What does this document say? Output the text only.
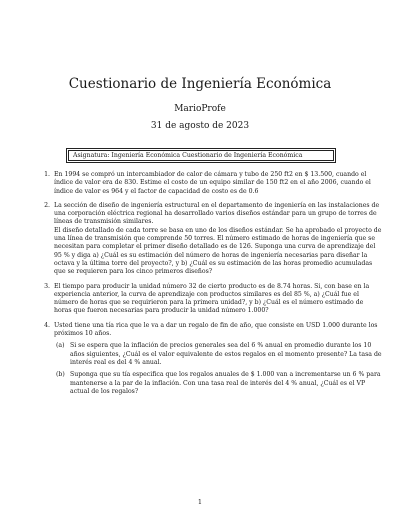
Cuestionario de Ingeniería Económica
MarioProfe
31 de agosto de 2023
Asignatura: Ingeniería Económica Cuestionario de Ingeniería Económica
1. En 1994 se compró un intercambiador de calor de cámara y tubo de 250 ft2 en $ 13.500, cuando el índice de valor era de 830. Estime el costo de un equipo similar de 150 ft2 en el año 2006, cuando el índice de valor es 964 y el factor de capacidad de costo es de 0.6
2. La sección de diseño de ingeniería estructural en el departamento de ingeniería en las instalaciones de una corporación eléctrica regional ha desarrollado varios diseños estándar para un grupo de torres de líneas de transmisión similares.
El diseño detallado de cada torre se basa en uno de los diseños estándar. Se ha aprobado el proyecto de una línea de transmisión que comprende 50 torres. El número estimado de horas de ingeniería que se necesitan para completar el primer diseño detallado es de 126. Suponga una curva de aprendizaje del 95 % y diga a) ¿Cuál es su estimación del número de horas de ingeniería necesarias para diseñar la octava y la última torre del proyecto?, y b) ¿Cuál es su estimación de las horas promedio acumuladas que se requieren para los cinco primeros diseños?
3. El tiempo para producir la unidad número 32 de cierto producto es de 8.74 horas. Si, con base en la experiencia anterior, la curva de aprendizaje con productos similares es del 85 %, a) ¿Cuál fue el número de horas que se requirieron para la primera unidad?, y b) ¿Cuál es el número estimado de horas que fueron necesarias para producir la unidad número 1.000?
4. Usted tiene una tía rica que le va a dar un regalo de fin de año, que consiste en USD 1.000 durante los próximos 10 años.
(a) Si se espera que la inflación de precios generales sea del 6 % anual en promedio durante los 10 años siguientes, ¿Cuál es el valor equivalente de estos regalos en el momento presente? La tasa de interés real es del 4 % anual.
(b) Suponga que su tía especifica que los regalos anuales de $ 1.000 van a incrementarse un 6 % para mantenerse a la par de la inflación. Con una tasa real de interés del 4 % anual, ¿Cuál es el VP actual de los regalos?
1
